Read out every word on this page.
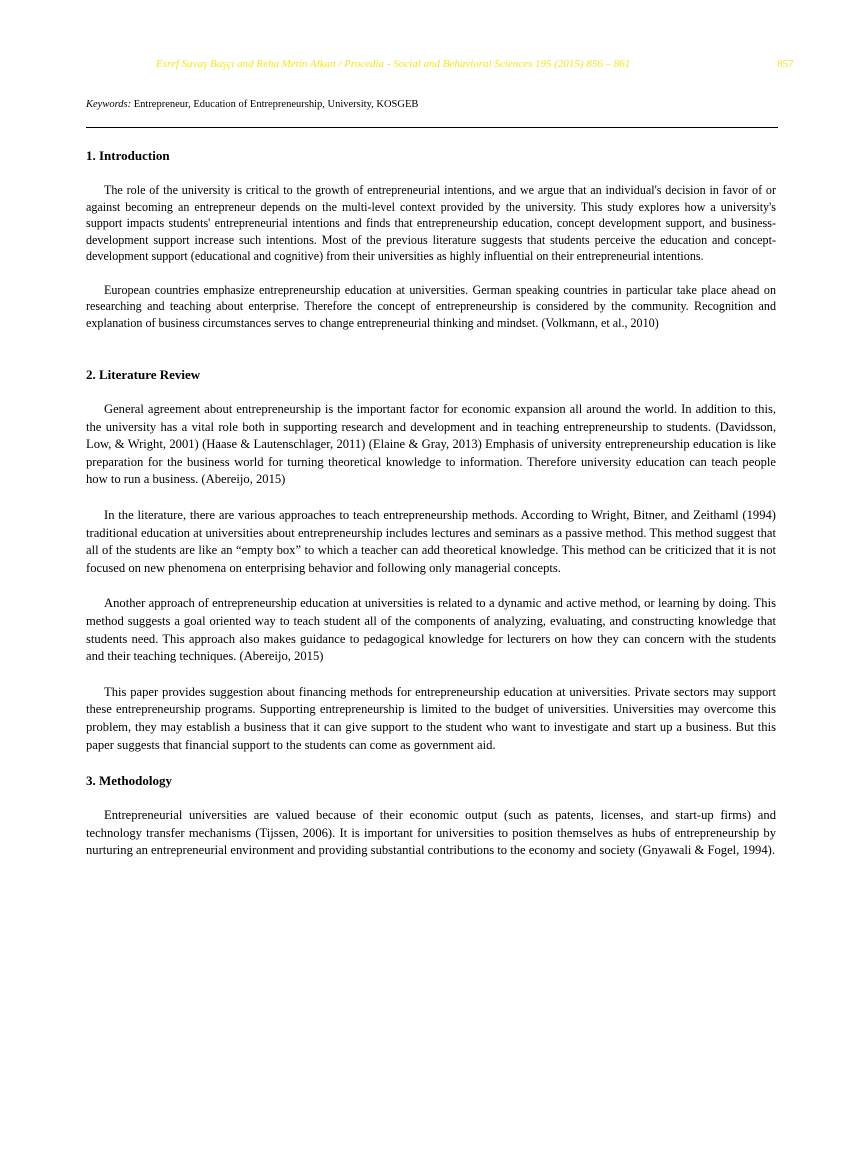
Esref Savaş Başçı and Reha Metin Alkan / Procedia - Social and Behavioral Sciences 195 (2015) 856 – 861	857
Keywords: Entrepreneur, Education of Entrepreneurship, University, KOSGEB
1. Introduction

The role of the university is critical to the growth of entrepreneurial intentions, and we argue that an individual's decision in favor of or against becoming an entrepreneur depends on the multi-level context provided by the university. This study explores how a university's support impacts students' entrepreneurial intentions and finds that entrepreneurship education, concept development support, and business-development support increase such intentions. Most of the previous literature suggests that students perceive the education and concept-development support (educational and cognitive) from their universities as highly influential on their entrepreneurial intentions.

European countries emphasize entrepreneurship education at universities. German speaking countries in particular take place ahead on researching and teaching about enterprise. Therefore the concept of entrepreneurship is considered by the community. Recognition and explanation of business circumstances serves to change entrepreneurial thinking and mindset. (Volkmann, et al., 2010)

2. Literature Review

General agreement about entrepreneurship is the important factor for economic expansion all around the world. In addition to this, the university has a vital role both in supporting research and development and in teaching entrepreneurship to students. (Davidsson, Low, & Wright, 2001) (Haase & Lautenschlager, 2011) (Elaine & Gray, 2013) Emphasis of university entrepreneurship education is like preparation for the business world for turning theoretical knowledge to information. Therefore university education can teach people how to run a business. (Abereijo, 2015)

In the literature, there are various approaches to teach entrepreneurship methods. According to Wright, Bitner, and Zeithaml (1994) traditional education at universities about entrepreneurship includes lectures and seminars as a passive method. This method suggest that all of the students are like an “empty box” to which a teacher can add theoretical knowledge. This method can be criticized that it is not focused on new phenomena on enterprising behavior and following only managerial concepts.

Another approach of entrepreneurship education at universities is related to a dynamic and active method, or learning by doing. This method suggests a goal oriented way to teach student all of the components of analyzing, evaluating, and constructing knowledge that students need. This approach also makes guidance to pedagogical knowledge for lecturers on how they can concern with the students and their teaching techniques. (Abereijo, 2015)

This paper provides suggestion about financing methods for entrepreneurship education at universities. Private sectors may support these entrepreneurship programs. Supporting entrepreneurship is limited to the budget of universities. Universities may overcome this problem, they may establish a business that it can give support to the student who want to investigate and start up a business. But this paper suggests that financial support to the students can come as government aid.

3. Methodology

Entrepreneurial universities are valued because of their economic output (such as patents, licenses, and start-up firms) and technology transfer mechanisms (Tijssen, 2006). It is important for universities to position themselves as hubs of entrepreneurship by nurturing an entrepreneurial environment and providing substantial contributions to the economy and society (Gnyawali & Fogel, 1994).
